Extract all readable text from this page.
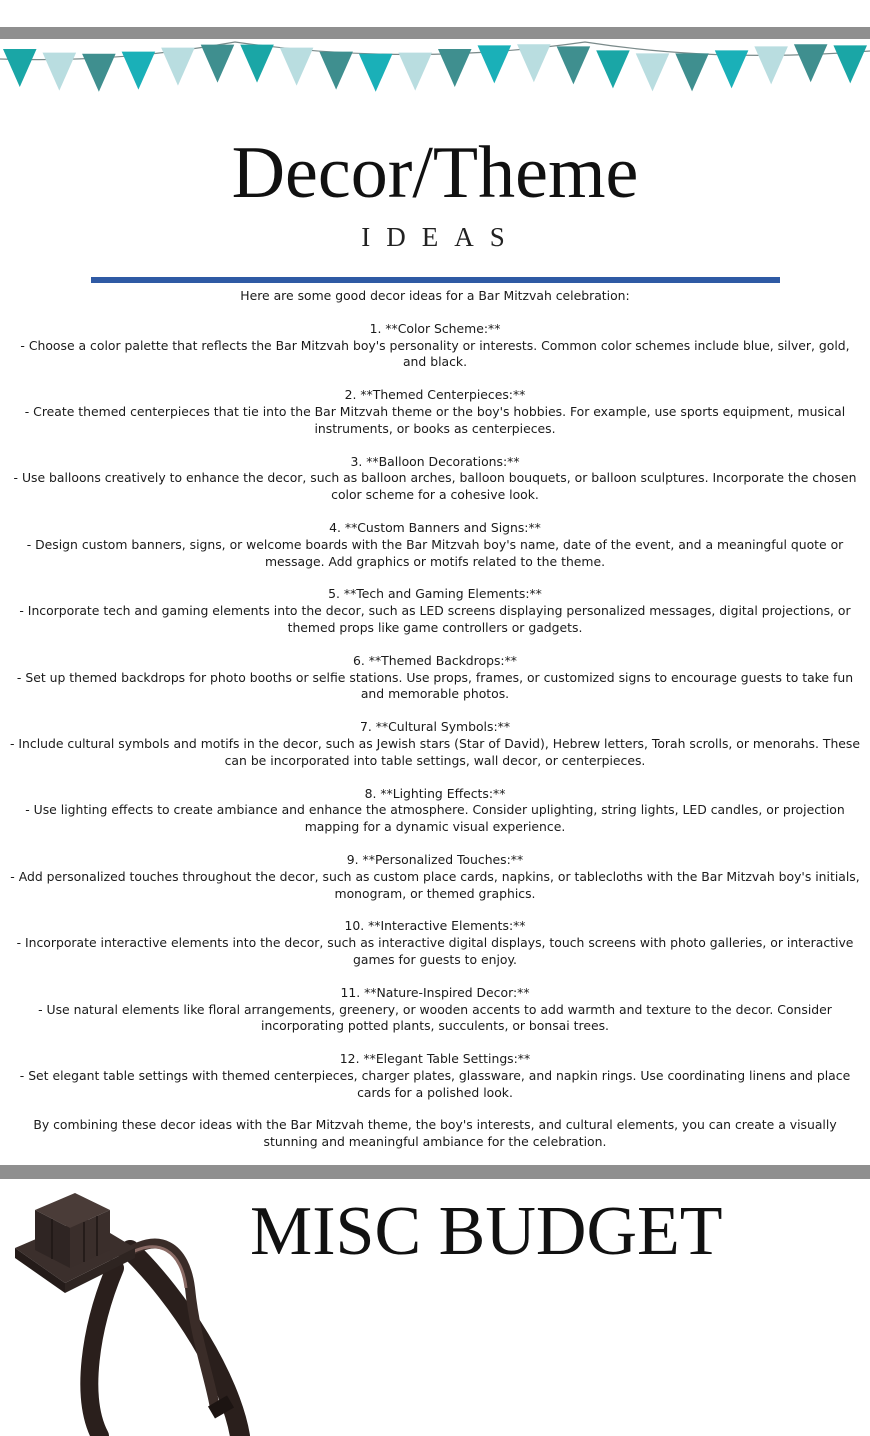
Decor/Theme
IDEAS

Here are some good decor ideas for a Bar Mitzvah celebration:

1. **Color Scheme:**

- Choose a color palette that reflects the Bar Mitzvah boy's personality or interests. Common color schemes include blue, silver, gold, and black.

2. **Themed Centerpieces:**

- Create themed centerpieces that tie into the Bar Mitzvah theme or the boy's hobbies. For example, use sports equipment, musical instruments, or books as centerpieces.

3. **Balloon Decorations:**

- Use balloons creatively to enhance the decor, such as balloon arches, balloon bouquets, or balloon sculptures. Incorporate the chosen color scheme for a cohesive look.

4. **Custom Banners and Signs:**

- Design custom banners, signs, or welcome boards with the Bar Mitzvah boy's name, date of the event, and a meaningful quote or message. Add graphics or motifs related to the theme.

5. **Tech and Gaming Elements:**

- Incorporate tech and gaming elements into the decor, such as LED screens displaying personalized messages, digital projections, or themed props like game controllers or gadgets.

6. **Themed Backdrops:**

- Set up themed backdrops for photo booths or selfie stations. Use props, frames, or customized signs to encourage guests to take fun and memorable photos.

7. **Cultural Symbols:**

- Include cultural symbols and motifs in the decor, such as Jewish stars (Star of David), Hebrew letters, Torah scrolls, or menorahs. These can be incorporated into table settings, wall decor, or centerpieces.

8. **Lighting Effects:**

- Use lighting effects to create ambiance and enhance the atmosphere. Consider uplighting, string lights, LED candles, or projection mapping for a dynamic visual experience.

9. **Personalized Touches:**

- Add personalized touches throughout the decor, such as custom place cards, napkins, or tablecloths with the Bar Mitzvah boy's initials, monogram, or themed graphics.

10. **Interactive Elements:**

- Incorporate interactive elements into the decor, such as interactive digital displays, touch screens with photo galleries, or interactive games for guests to enjoy.

11. **Nature-Inspired Decor:**

- Use natural elements like floral arrangements, greenery, or wooden accents to add warmth and texture to the decor. Consider incorporating potted plants, succulents, or bonsai trees.

12. **Elegant Table Settings:**

- Set elegant table settings with themed centerpieces, charger plates, glassware, and napkin rings. Use coordinating linens and place cards for a polished look.

By combining these decor ideas with the Bar Mitzvah theme, the boy's interests, and cultural elements, you can create a visually stunning and meaningful ambiance for the celebration.

MISC BUDGET
